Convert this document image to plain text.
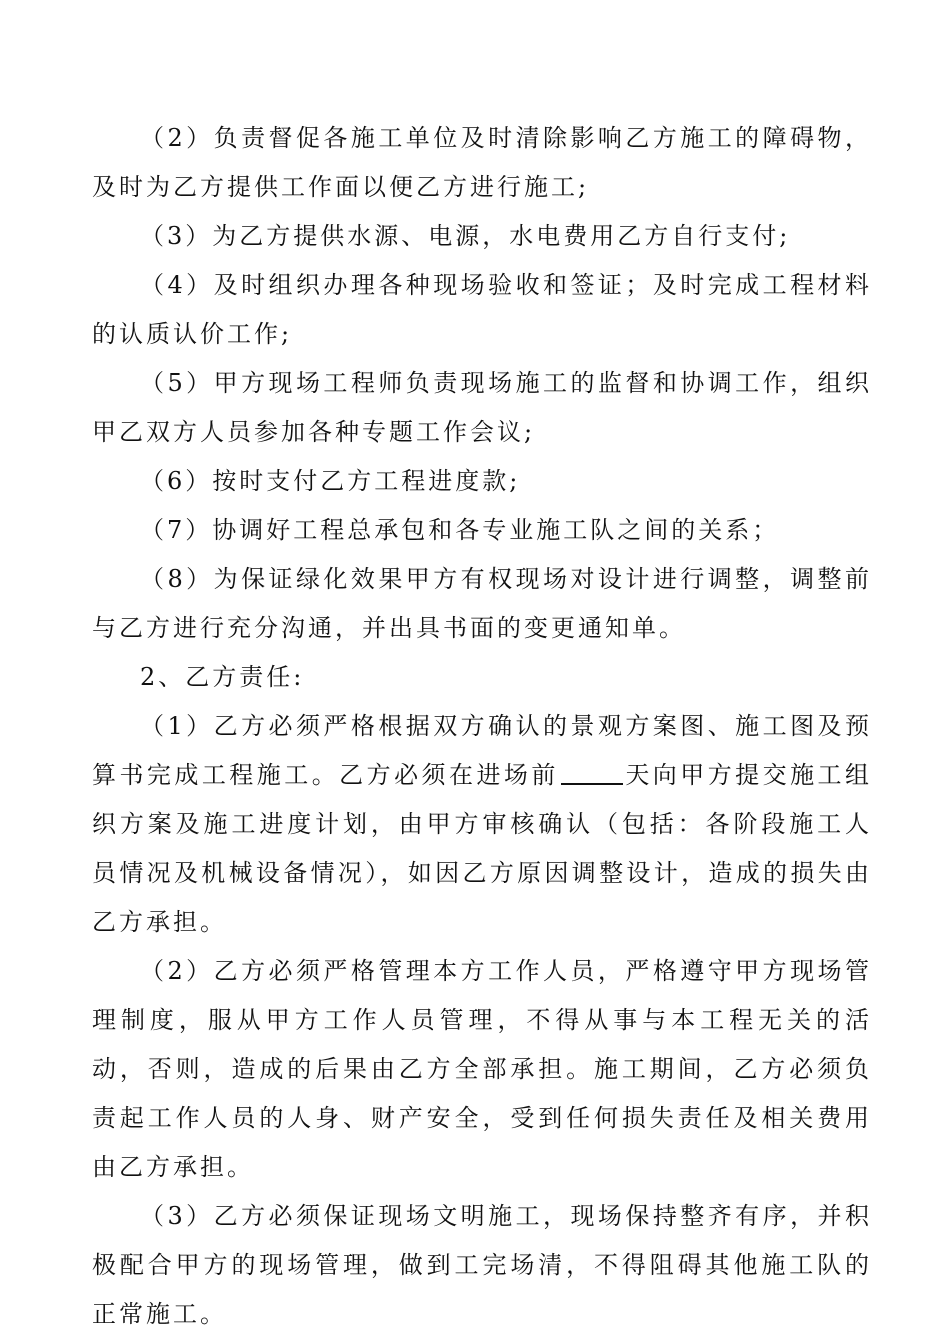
（2）负责督促各施工单位及时清除影响乙方施工的障碍物，及时为乙方提供工作面以便乙方进行施工;

（3）为乙方提供水源、电源，水电费用乙方自行支付;

（4）及时组织办理各种现场验收和签证；及时完成工程材料的认质认价工作;

（5）甲方现场工程师负责现场施工的监督和协调工作，组织甲乙双方人员参加各种专题工作会议;

（6）按时支付乙方工程进度款;

（7）协调好工程总承包和各专业施工队之间的关系；

（8）为保证绿化效果甲方有权现场对设计进行调整，调整前与乙方进行充分沟通，并出具书面的变更通知单。

2、乙方责任:

（1）乙方必须严格根据双方确认的景观方案图、施工图及预算书完成工程施工。乙方必须在进场前	天向甲方提交施工组织方案及施工进度计划，由甲方审核确认（包括：各阶段施工人员情况及机械设备情况），如因乙方原因调整设计，造成的损失由乙方承担。

（2）乙方必须严格管理本方工作人员，严格遵守甲方现场管理制度，服从甲方工作人员管理，不得从事与本工程无关的活动，否则，造成的后果由乙方全部承担。施工期间，乙方必须负责起工作人员的人身、财产安全，受到任何损失责任及相关费用由乙方承担。

（3）乙方必须保证现场文明施工，现场保持整齐有序，并积极配合甲方的现场管理，做到工完场清，不得阻碍其他施工队的正常施工。
